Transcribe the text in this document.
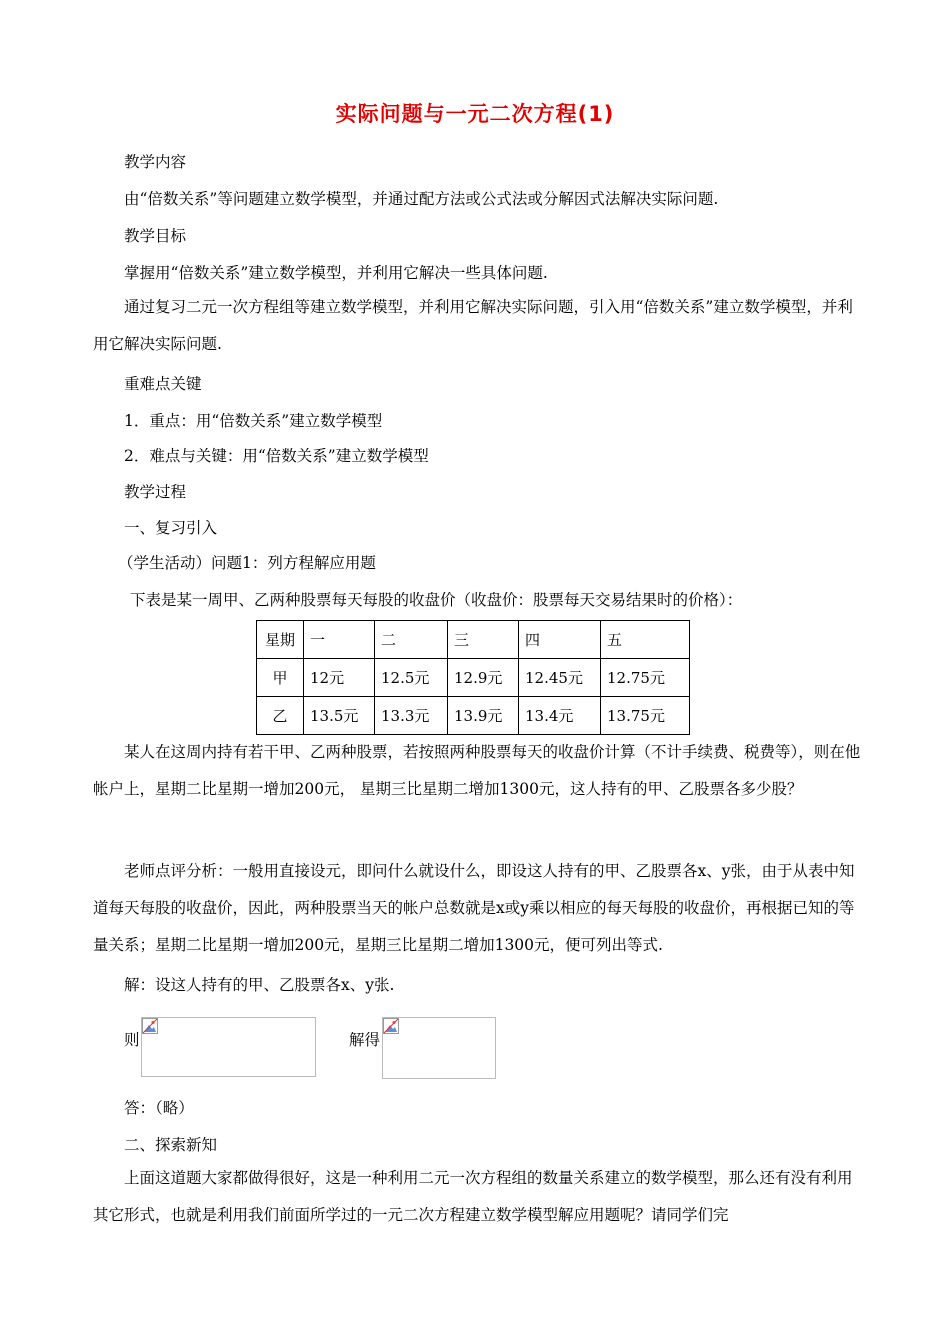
实际问题与一元二次方程(1)
教学内容
由“倍数关系”等问题建立数学模型，并通过配方法或公式法或分解因式法解决实际问题.
教学目标
掌握用“倍数关系”建立数学模型，并利用它解决一些具体问题.
通过复习二元一次方程组等建立数学模型，并利用它解决实际问题，引入用“倍数关系”建立数学模型，并利用它解决实际问题.
重难点关键
1．重点：用“倍数关系”建立数学模型
2．难点与关键：用“倍数关系”建立数学模型
教学过程
一、复习引入
（学生活动）问题1：列方程解应用题
下表是某一周甲、乙两种股票每天每股的收盘价（收盘价：股票每天交易结果时的价格）：
星期	一	二	三	四	五
甲	12元	12.5元	12.9元	12.45元	12.75元
乙	13.5元	13.3元	13.9元	13.4元	13.75元
某人在这周内持有若干甲、乙两种股票，若按照两种股票每天的收盘价计算（不计手续费、税费等），则在他帐户上，星期二比星期一增加200元， 星期三比星期二增加1300元，这人持有的甲、乙股票各多少股？
老师点评分析：一般用直接设元，即问什么就设什么，即设这人持有的甲、乙股票各x、y张，由于从表中知道每天每股的收盘价，因此，两种股票当天的帐户总数就是x或y乘以相应的每天每股的收盘价，再根据已知的等量关系；星期二比星期一增加200元，星期三比星期二增加1300元，便可列出等式.
解：设这人持有的甲、乙股票各x、y张.
则	解得
答：（略）
二、探索新知
上面这道题大家都做得很好，这是一种利用二元一次方程组的数量关系建立的数学模型，那么还有没有利用其它形式，也就是利用我们前面所学过的一元二次方程建立数学模型解应用题呢？请同学们完
